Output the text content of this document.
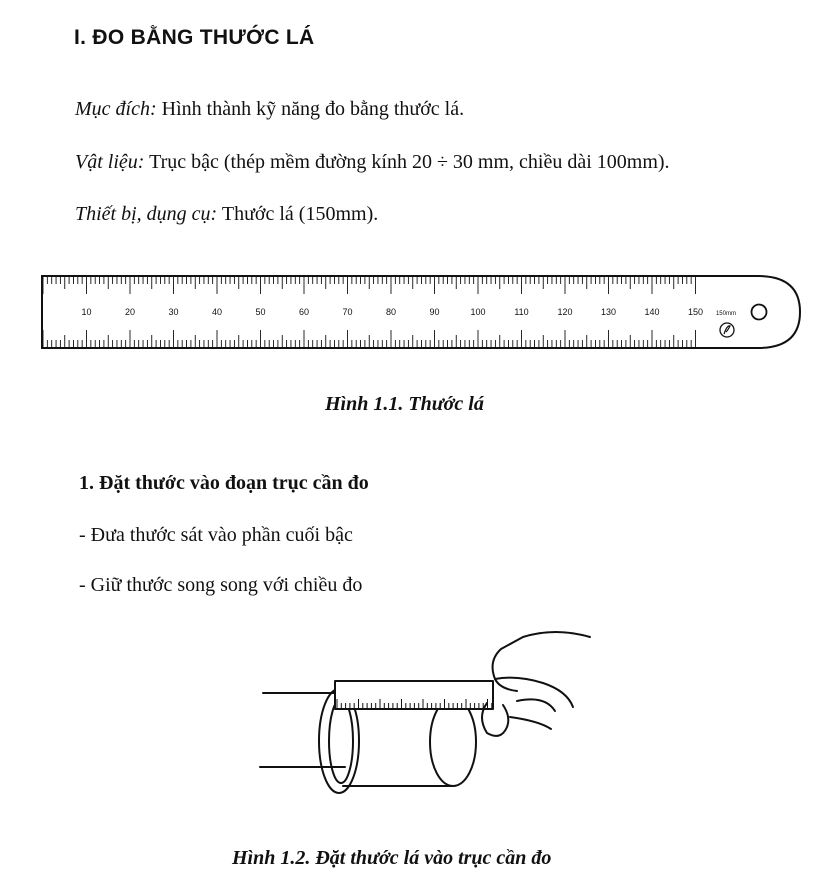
I. ĐO BẰNG THƯỚC LÁ
Mục đích: Hình thành kỹ năng đo bằng thước lá.
Vật liệu: Trục bậc (thép mềm đường kính 20 ÷ 30 mm, chiều dài 100mm).
Thiết bị, dụng cụ: Thước lá (150mm).
10	20	30	40	50	60	70	80	90	100	110	120	130	140	150 150mm
Hình 1.1. Thước lá
1. Đặt thước vào đoạn trục cần đo
- Đưa thước sát vào phần cuối bậc
- Giữ thước song song với chiều đo
Hình 1.2. Đặt thước lá vào trục cần đo
